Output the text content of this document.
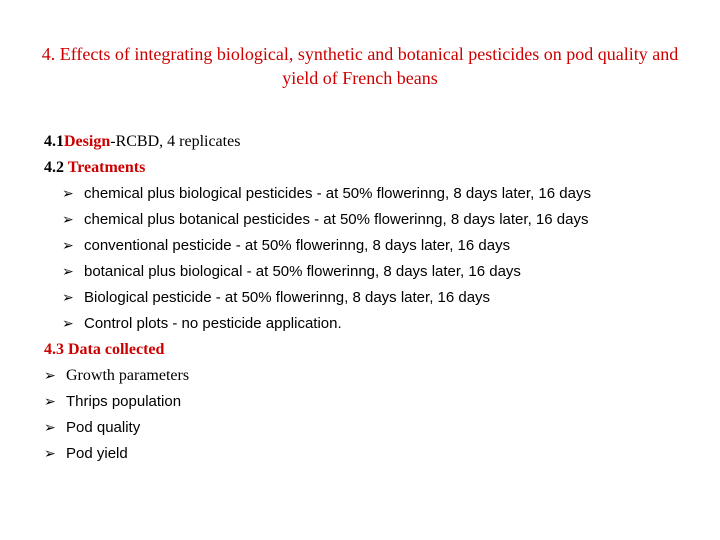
4. Effects of integrating biological, synthetic and botanical pesticides on pod quality and yield of French beans
4.1Design-RCBD, 4 replicates
4.2 Treatments
➢ chemical plus biological pesticides - at 50% flowerinng, 8 days later, 16 days
➢ chemical plus botanical pesticides - at 50% flowerinng, 8 days later, 16 days
➢ conventional pesticide - at 50% flowerinng, 8 days later, 16 days
➢ botanical plus biological - at 50% flowerinng, 8 days later, 16 days
➢ Biological pesticide - at 50% flowerinng, 8 days later, 16 days
➢ Control plots - no pesticide application.
4.3 Data collected
➢ Growth parameters
➢ Thrips population
➢ Pod quality
➢ Pod yield
